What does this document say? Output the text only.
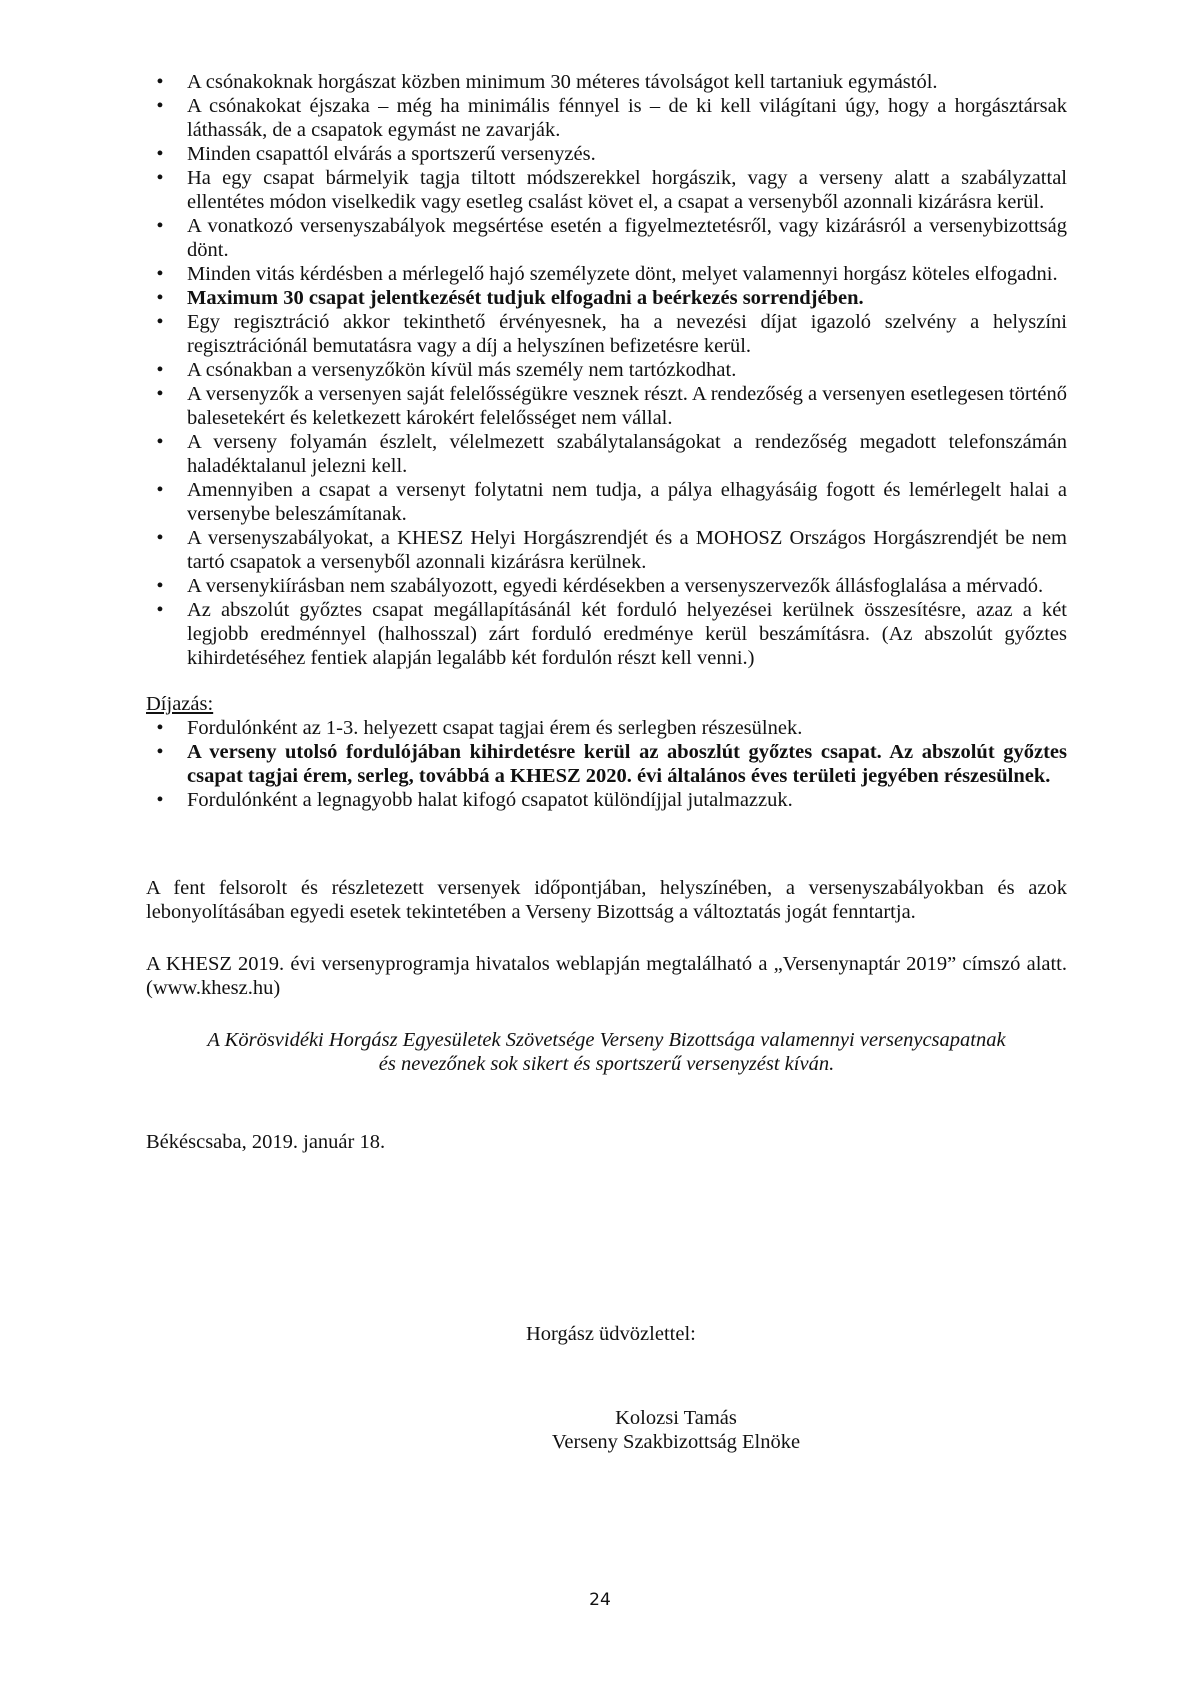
• A csónakoknak horgászat közben minimum 30 méteres távolságot kell tartaniuk egymástól.
• A csónakokat éjszaka – még ha minimális fénnyel is – de ki kell világítani úgy, hogy a horgásztársak láthassák, de a csapatok egymást ne zavarják.
• Minden csapattól elvárás a sportszerű versenyzés.
• Ha egy csapat bármelyik tagja tiltott módszerekkel horgászik, vagy a verseny alatt a szabályzattal ellentétes módon viselkedik vagy esetleg csalást követ el, a csapat a versenyből azonnali kizárásra kerül.
• A vonatkozó versenyszabályok megsértése esetén a figyelmeztetésről, vagy kizárásról a versenybizottság dönt.
• Minden vitás kérdésben a mérlegelő hajó személyzete dönt, melyet valamennyi horgász köteles elfogadni.
• Maximum 30 csapat jelentkezését tudjuk elfogadni a beérkezés sorrendjében.
• Egy regisztráció akkor tekinthető érvényesnek, ha a nevezési díjat igazoló szelvény a helyszíni regisztrációnál bemutatásra vagy a díj a helyszínen befizetésre kerül.
• A csónakban a versenyzőkön kívül más személy nem tartózkodhat.
• A versenyzők a versenyen saját felelősségükre vesznek részt. A rendezőség a versenyen esetlegesen történő balesetekért és keletkezett károkért felelősséget nem vállal.
• A verseny folyamán észlelt, vélelmezett szabálytalanságokat a rendezőség megadott telefonszámán haladéktalanul jelezni kell.
• Amennyiben a csapat a versenyt folytatni nem tudja, a pálya elhagyásáig fogott és lemérlegelt halai a versenybe beleszámítanak.
• A versenyszabályokat, a KHESZ Helyi Horgászrendjét és a MOHOSZ Országos Horgászrendjét be nem tartó csapatok a versenyből azonnali kizárásra kerülnek.
• A versenykiírásban nem szabályozott, egyedi kérdésekben a versenyszervezők állásfoglalása a mérvadó.
• Az abszolút győztes csapat megállapításánál két forduló helyezései kerülnek összesítésre, azaz a két legjobb eredménnyel (halhosszal) zárt forduló eredménye kerül beszámításra. (Az abszolút győztes kihirdetéséhez fentiek alapján legalább két fordulón részt kell venni.)
Díjazás:
• Fordulónként az 1-3. helyezett csapat tagjai érem és serlegben részesülnek.
• A verseny utolsó fordulójában kihirdetésre kerül az aboszlút győztes csapat. Az abszolút győztes csapat tagjai érem, serleg, továbbá a KHESZ 2020. évi általános éves területi jegyében részesülnek.
• Fordulónként a legnagyobb halat kifogó csapatot különdíjjal jutalmazzuk.

A fent felsorolt és részletezett versenyek időpontjában, helyszínében, a versenyszabályokban és azok lebonyolításában egyedi esetek tekintetében a Verseny Bizottság a változtatás jogát fenntartja.

A KHESZ 2019. évi versenyprogramja hivatalos weblapján megtalálható a „Versenynaptár 2019” címszó alatt. (www.khesz.hu)

A Körösvidéki Horgász Egyesületek Szövetsége Verseny Bizottsága valamennyi versenycsapatnak és nevezőnek sok sikert és sportszerű versenyzést kíván.

Békéscsaba, 2019. január 18.

Horgász üdvözlettel:

Kolozsi Tamás
Verseny Szakbizottság Elnöke
24
